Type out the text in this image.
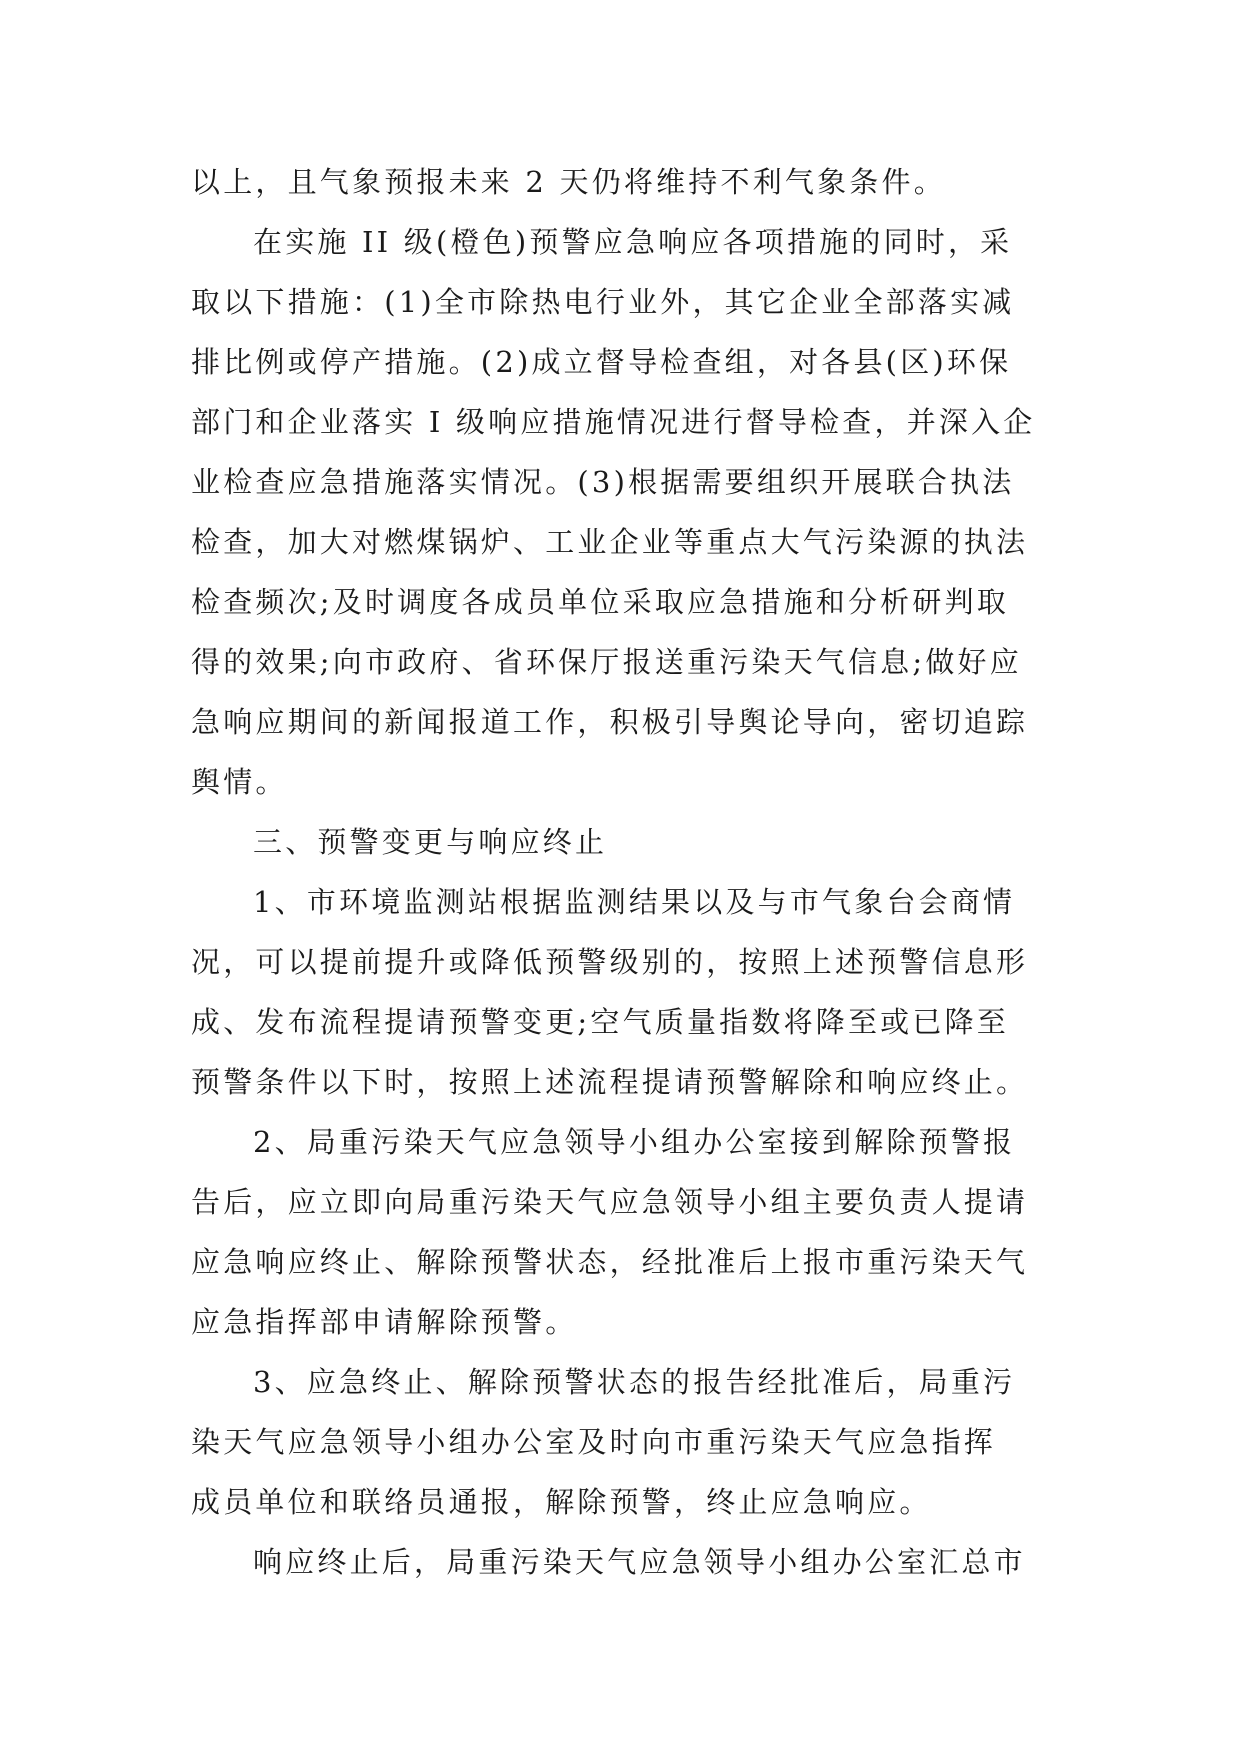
以上，且气象预报未来 2 天仍将维持不利气象条件。
在实施 II 级(橙色)预警应急响应各项措施的同时，采
取以下措施：(1)全市除热电行业外，其它企业全部落实减
排比例或停产措施。(2)成立督导检查组，对各县(区)环保
部门和企业落实 I 级响应措施情况进行督导检查，并深入企
业检查应急措施落实情况。(3)根据需要组织开展联合执法
检查，加大对燃煤锅炉、工业企业等重点大气污染源的执法
检查频次;及时调度各成员单位采取应急措施和分析研判取
得的效果;向市政府、省环保厅报送重污染天气信息;做好应
急响应期间的新闻报道工作，积极引导舆论导向，密切追踪
舆情。
三、预警变更与响应终止
1、市环境监测站根据监测结果以及与市气象台会商情
况，可以提前提升或降低预警级别的，按照上述预警信息形
成、发布流程提请预警变更;空气质量指数将降至或已降至
预警条件以下时，按照上述流程提请预警解除和响应终止。
2、局重污染天气应急领导小组办公室接到解除预警报
告后，应立即向局重污染天气应急领导小组主要负责人提请
应急响应终止、解除预警状态，经批准后上报市重污染天气
应急指挥部申请解除预警。
3、应急终止、解除预警状态的报告经批准后，局重污
染天气应急领导小组办公室及时向市重污染天气应急指挥
成员单位和联络员通报，解除预警，终止应急响应。
响应终止后，局重污染天气应急领导小组办公室汇总市
